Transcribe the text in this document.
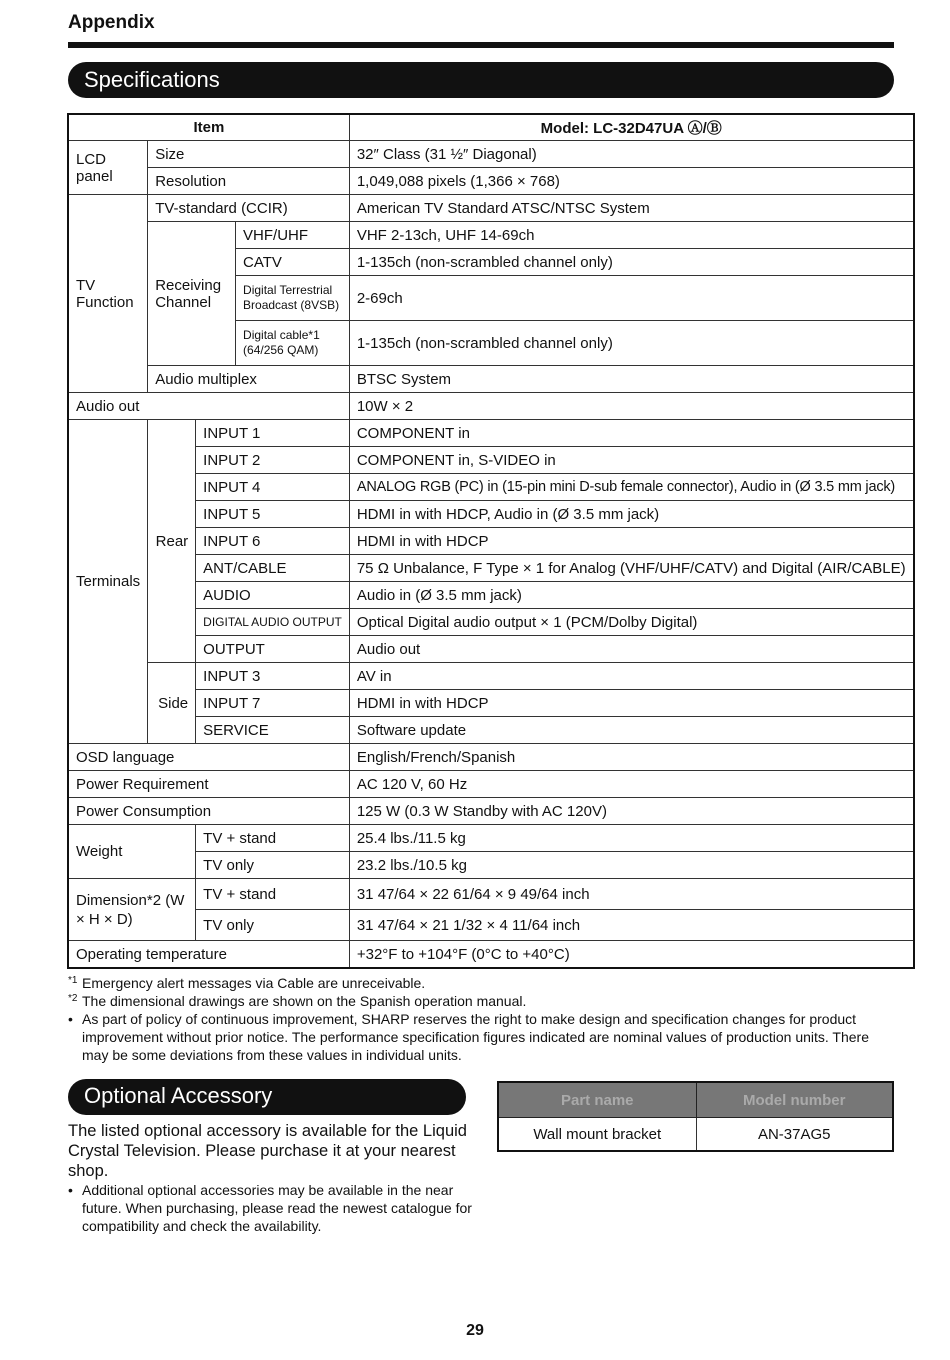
Appendix
Specifications
Item				Model: LC-32D47UA Ⓐ/Ⓑ
LCD panel	Size			32″ Class (31 ½″ Diagonal)
	Resolution			1,049,088 pixels (1,366 × 768)
TV Function	TV-standard (CCIR)			American TV Standard ATSC/NTSC System
	Receiving Channel		VHF/UHF	VHF 2-13ch, UHF 14-69ch
			CATV	1-135ch (non-scrambled channel only)
			Digital Terrestrial Broadcast (8VSB)	2-69ch
			Digital cable*1 (64/256 QAM)	1-135ch (non-scrambled channel only)
	Audio multiplex			BTSC System
Audio out				10W × 2
Terminals	Rear	INPUT 1		COMPONENT in
		INPUT 2		COMPONENT in, S-VIDEO in
		INPUT 4		ANALOG RGB (PC) in (15-pin mini D-sub female connector), Audio in (Ø 3.5 mm jack)
		INPUT 5		HDMI in with HDCP, Audio in (Ø 3.5 mm jack)
		INPUT 6		HDMI in with HDCP
		ANT/CABLE		75 Ω Unbalance, F Type × 1 for Analog (VHF/UHF/CATV) and Digital (AIR/CABLE)
		AUDIO		Audio in (Ø 3.5 mm jack)
		DIGITAL AUDIO OUTPUT		Optical Digital audio output × 1 (PCM/Dolby Digital)
		OUTPUT		Audio out
	Side	INPUT 3		AV in
		INPUT 7		HDMI in with HDCP
		SERVICE		Software update
OSD language				English/French/Spanish
Power Requirement				AC 120 V, 60 Hz
Power Consumption				125 W (0.3 W Standby with AC 120V)
Weight		TV + stand		25.4 lbs./11.5 kg
		TV only		23.2 lbs./10.5 kg
Dimension*2 (W × H × D)		TV + stand		31 47/64 × 22 61/64 × 9 49/64 inch
		TV only		31 47/64 × 21 1/32 × 4 11/64 inch
Operating temperature				+32°F to +104°F (0°C to +40°C)
*1 Emergency alert messages via Cable are unreceivable.
*2 The dimensional drawings are shown on the Spanish operation manual.
• As part of policy of continuous improvement, SHARP reserves the right to make design and specification changes for product improvement without prior notice. The performance specification figures indicated are nominal values of production units. There may be some deviations from these values in individual units.
Optional Accessory
The listed optional accessory is available for the Liquid Crystal Television. Please purchase it at your nearest shop.
• Additional optional accessories may be available in the near future. When purchasing, please read the newest catalogue for compatibility and check the availability.
Part name	Model number
Wall mount bracket	AN-37AG5
29
